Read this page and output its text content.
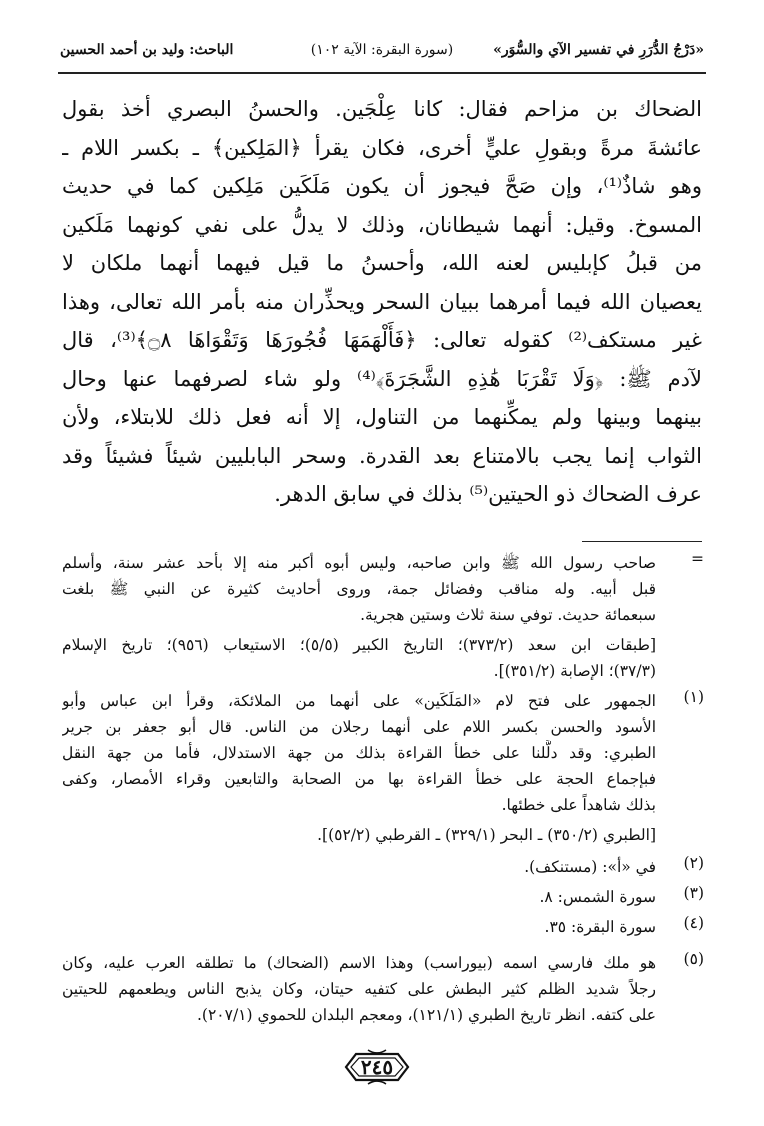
«دَرْجُ الدُّرَرِ في تفسير الآي والسُّوَر»
(سورة البقرة: الآية ١٠٢)
الباحث: وليد بن أحمد الحسين
الضحاك بن مزاحم فقال: كانا عِلْجَين. والحسنُ البصري أخذ بقول
عائشةَ مرةً وبقولِ عليٍّ أخرى، فكان يقرأ ﴿المَلِكين﴾ ـ بكسر اللام ـ
وهو شاذٌ⁽¹⁾، وإن صَحَّ فيجوز أن يكون مَلَكَين مَلِكين كما في حديث
المسوخ. وقيل: أنهما شيطانان، وذلك لا يدلُّ على نفي كونهما مَلَكين
من قبلُ كإبليس لعنه الله، وأحسنُ ما قيل فيهما أنهما ملكان لا
يعصيان الله فيما أمرهما ببيان السحر ويحذِّران منه بأمر الله تعالى، وهذا
غير مستكف⁽²⁾ كقوله تعالى: ﴿فَأَلْهَمَهَا فُجُورَهَا وَتَقْوَاهَا ۝٨﴾⁽³⁾، قال
لآدم ﷺ: ﴿وَلَا تَقْرَبَا هَٰذِهِ الشَّجَرَةَ﴾⁽⁴⁾ ولو شاء لصرفهما عنها وحال
بينهما وبينها ولم يمكِّنهما من التناول، إلا أنه فعل ذلك للابتلاء، ولأن
الثواب إنما يجب بالامتناع بعد القدرة. وسحر البابليين شيئاً فشيئاً وقد
عرف الضحاك ذو الحيتين⁽⁵⁾ بذلك في سابق الدهر.
=
صاحب رسول الله ﷺ وابن صاحبه، وليس أبوه أكبر منه إلا بأحد عشر سنة، وأسلم
قبل أبيه. وله مناقب وفضائل جمة، وروى أحاديث كثيرة عن النبي ﷺ بلغت
سبعمائة حديث. توفي سنة ثلاث وستين هجرية.
[طبقات ابن سعد (٣٧٣/٢)؛ التاريخ الكبير (٥/٥)؛ الاستيعاب (٩٥٦)؛ تاريخ الإسلام
(٣٧/٣)؛ الإصابة (٣٥١/٢)].
(١)
الجمهور على فتح لام «المَلَكَين» على أنهما من الملائكة، وقرأ ابن عباس وأبو
الأسود والحسن بكسر اللام على أنهما رجلان من الناس. قال أبو جعفر بن جرير
الطبري: وقد دلَّلنا على خطأ القراءة بذلك من جهة الاستدلال، فأما من جهة النقل
فبإجماع الحجة على خطأ القراءة بها من الصحابة والتابعين وقراء الأمصار، وكفى
بذلك شاهداً على خطئها.
[الطبري (٣٥٠/٢) ـ البحر (٣٢٩/١) ـ القرطبي (٥٢/٢)].
(٢)
في «أ»: (مستنكف).
(٣)
سورة الشمس: ٨.
(٤)
سورة البقرة: ٣٥.
(٥)
هو ملك فارسي اسمه (بيوراسب) وهذا الاسم (الضحاك) ما تطلقه العرب عليه، وكان
رجلاً شديد الظلم كثير البطش على كتفيه حيتان، وكان يذبح الناس ويطعمهم للحيتين
على كتفه. انظر تاريخ الطبري (١٢١/١)، ومعجم البلدان للحموي (٢٠٧/١).
٢٤٥
